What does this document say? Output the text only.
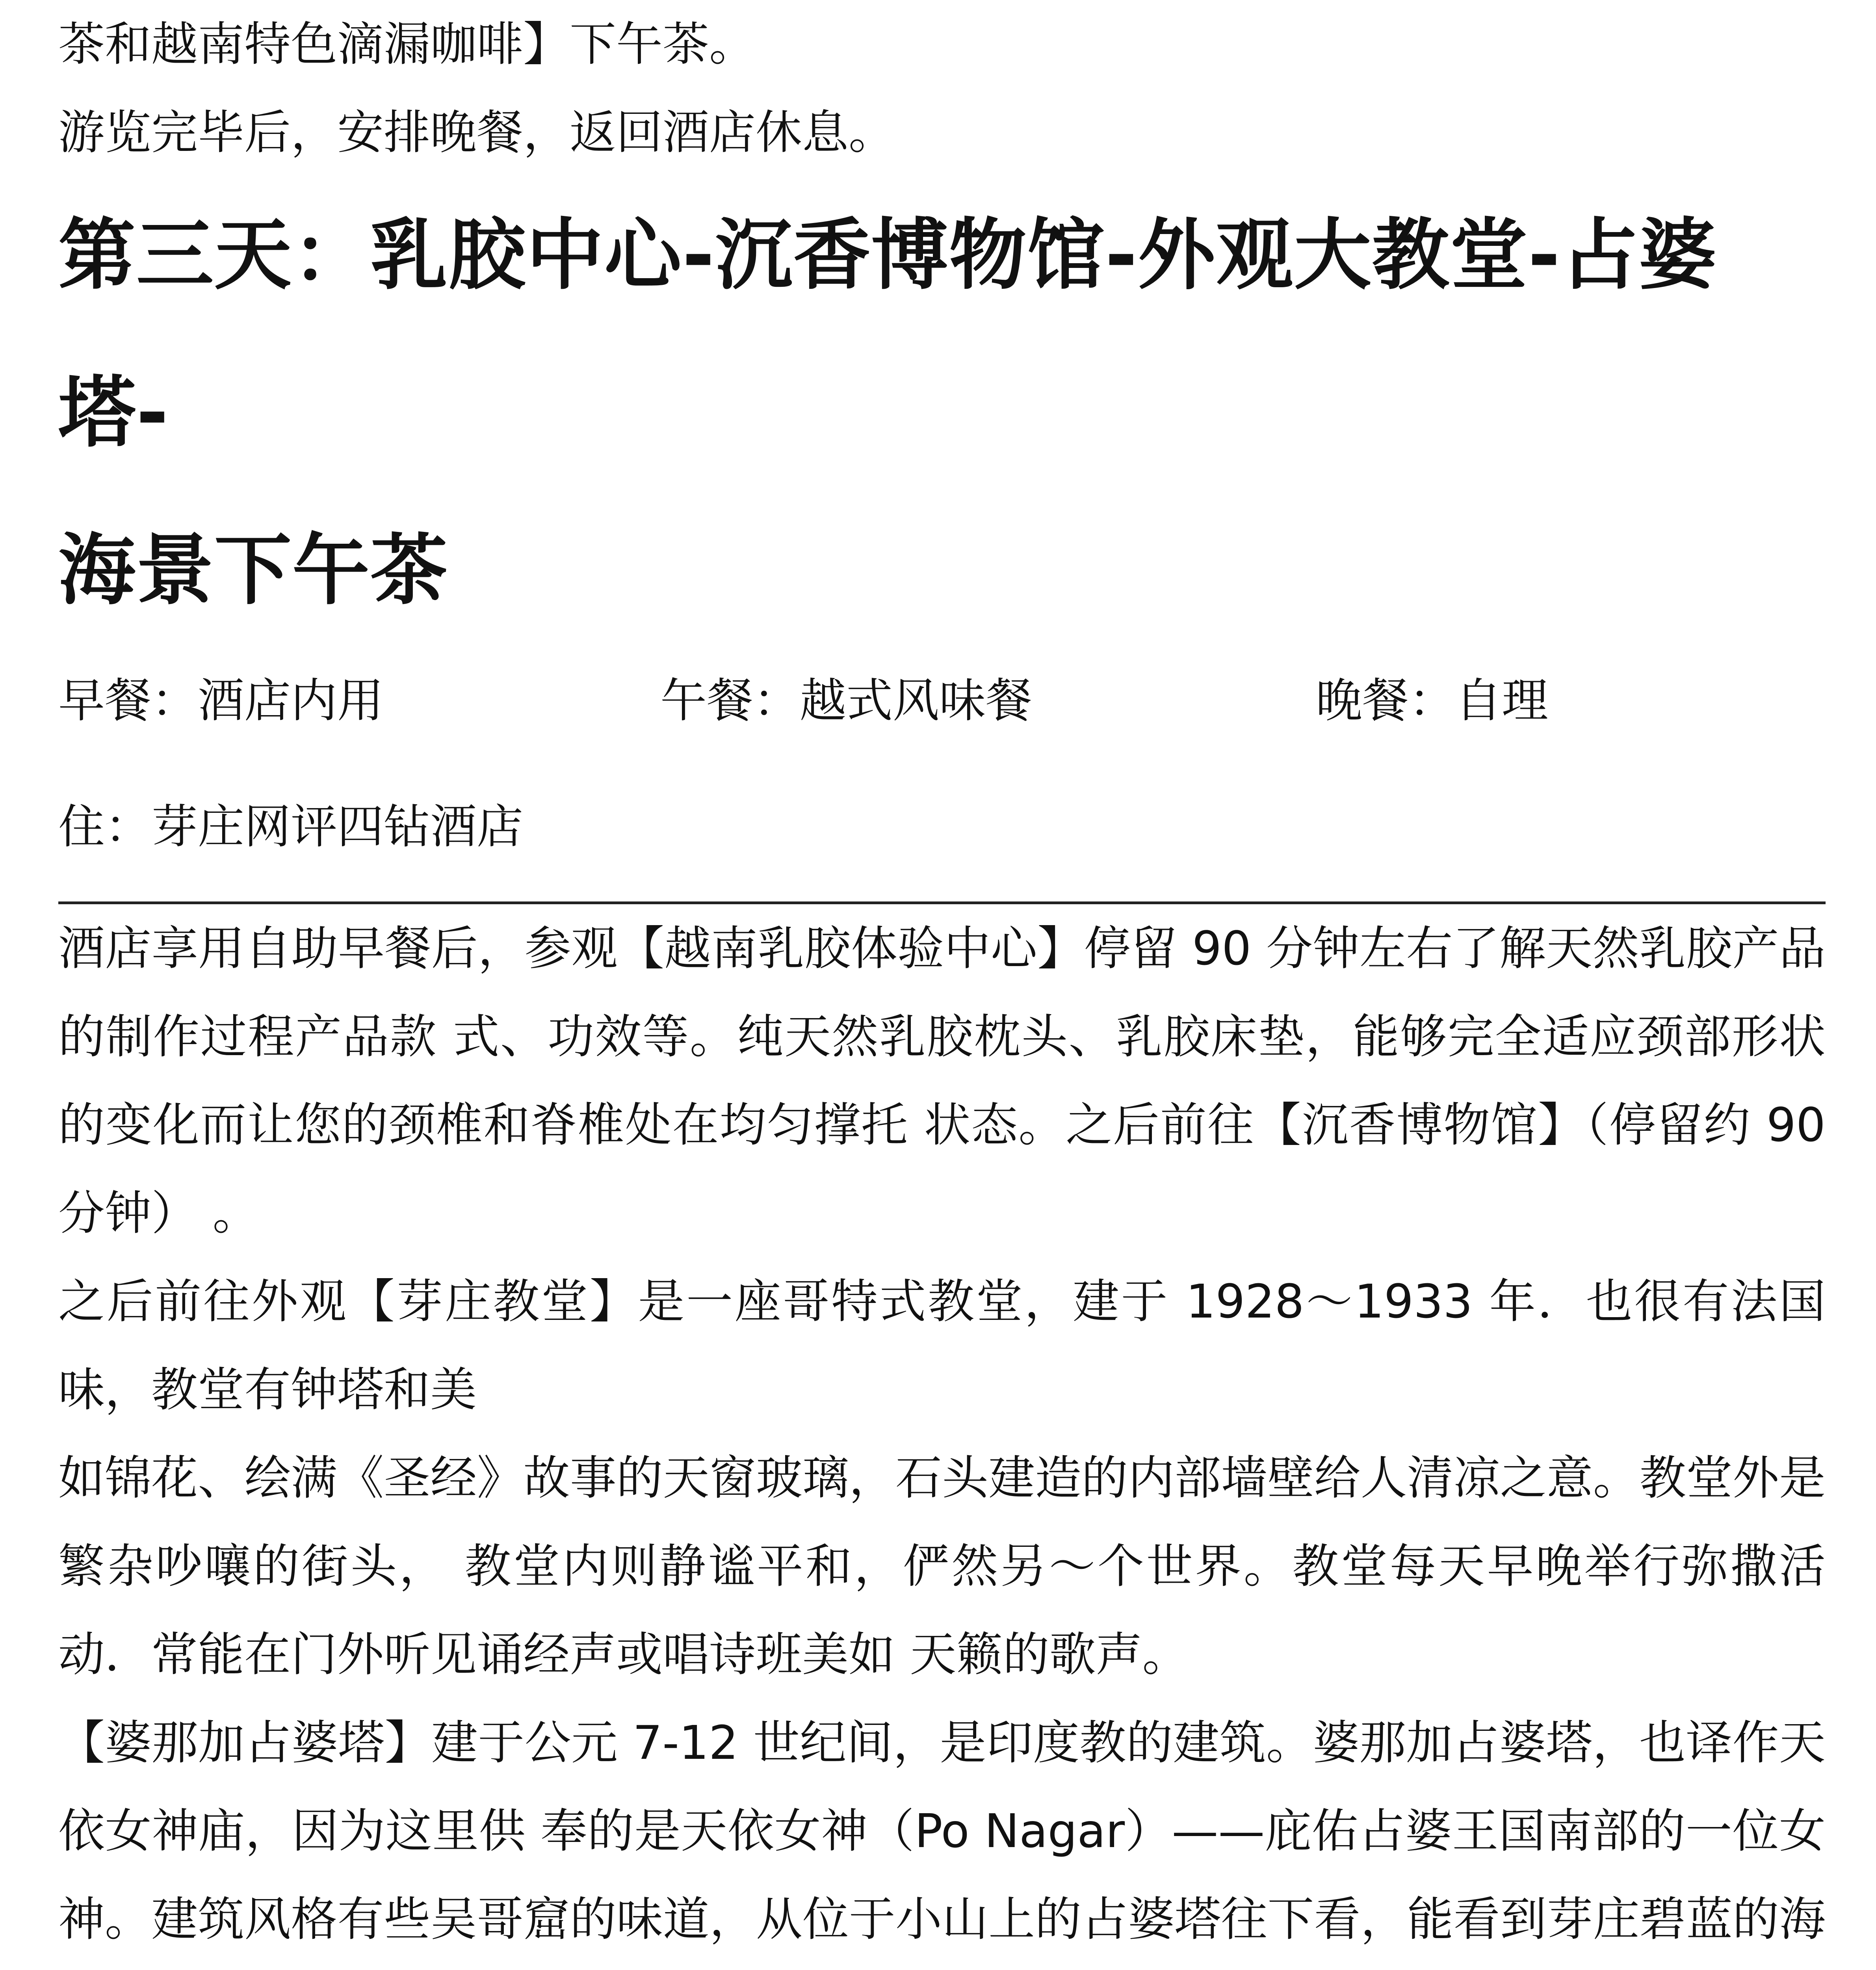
茶和越南特色滴漏咖啡】下午茶。

游览完毕后，安排晚餐，返回酒店休息。

第三天：乳胶中心-沉香博物馆-外观大教堂-占婆塔-
海景下午茶
早餐：酒店内用	午餐：越式风味餐	晚餐：自理

住：芽庄网评四钻酒店

酒店享用自助早餐后，参观【越南乳胶体验中心】停留 90 分钟左右了解天然乳胶产品的制作过程产品款 式、功效等。纯天然乳胶枕头、乳胶床垫，能够完全适应颈部形状的变化而让您的颈椎和脊椎处在均匀撑托 状态。之后前往【沉香博物馆】（停留约 90 分钟） 。

之后前往外观【芽庄教堂】是一座哥特式教堂，建于 1928～1933 年．也很有法国味，教堂有钟塔和美

如锦花、绘满《圣经》故事的天窗玻璃，石头建造的内部墙壁给人清凉之意。教堂外是繁杂吵嚷的街头， 教堂内则静谧平和，俨然另～个世界。教堂每天早晚举行弥撒活动．常能在门外听见诵经声或唱诗班美如 天籁的歌声。

【婆那加占婆塔】建于公元 7-12 世纪间，是印度教的建筑。婆那加占婆塔，也译作天依女神庙，因为这里供 奉的是天依女神（Po Nagar）——庇佑占婆王国南部的一位女神。建筑风格有些吴哥窟的味道，从位于小山上的占婆塔往下看，能看到芽庄碧蓝的海
